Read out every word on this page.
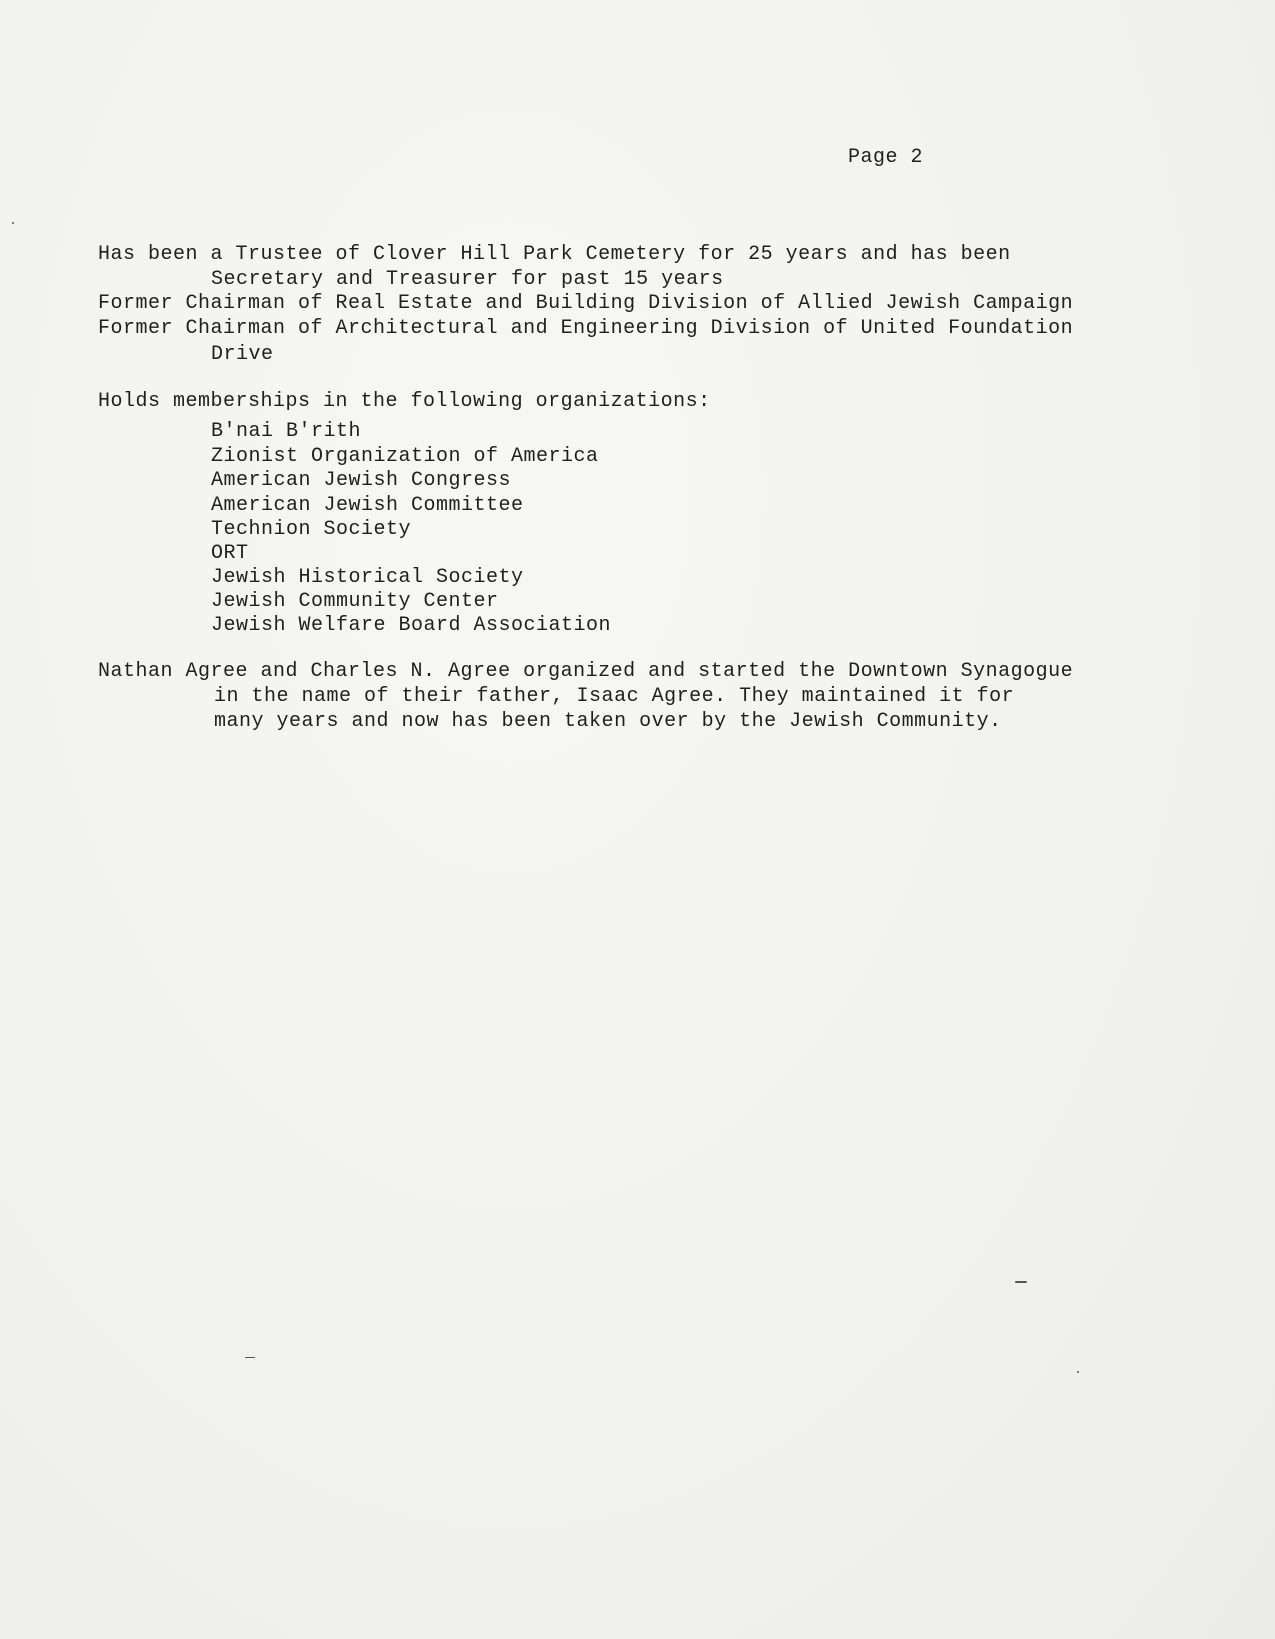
Page 2
Has been a Trustee of Clover Hill Park Cemetery for 25 years and has been
Secretary and Treasurer for past 15 years
Former Chairman of Real Estate and Building Division of Allied Jewish Campaign
Former Chairman of Architectural and Engineering Division of United Foundation
Drive
Holds memberships in the following organizations:
B'nai B'rith
Zionist Organization of America
American Jewish Congress
American Jewish Committee
Technion Society
ORT
Jewish Historical Society
Jewish Community Center
Jewish Welfare Board Association
Nathan Agree and Charles N. Agree organized and started the Downtown Synagogue
in the name of their father, Isaac Agree. They maintained it for
many years and now has been taken over by the Jewish Community.
